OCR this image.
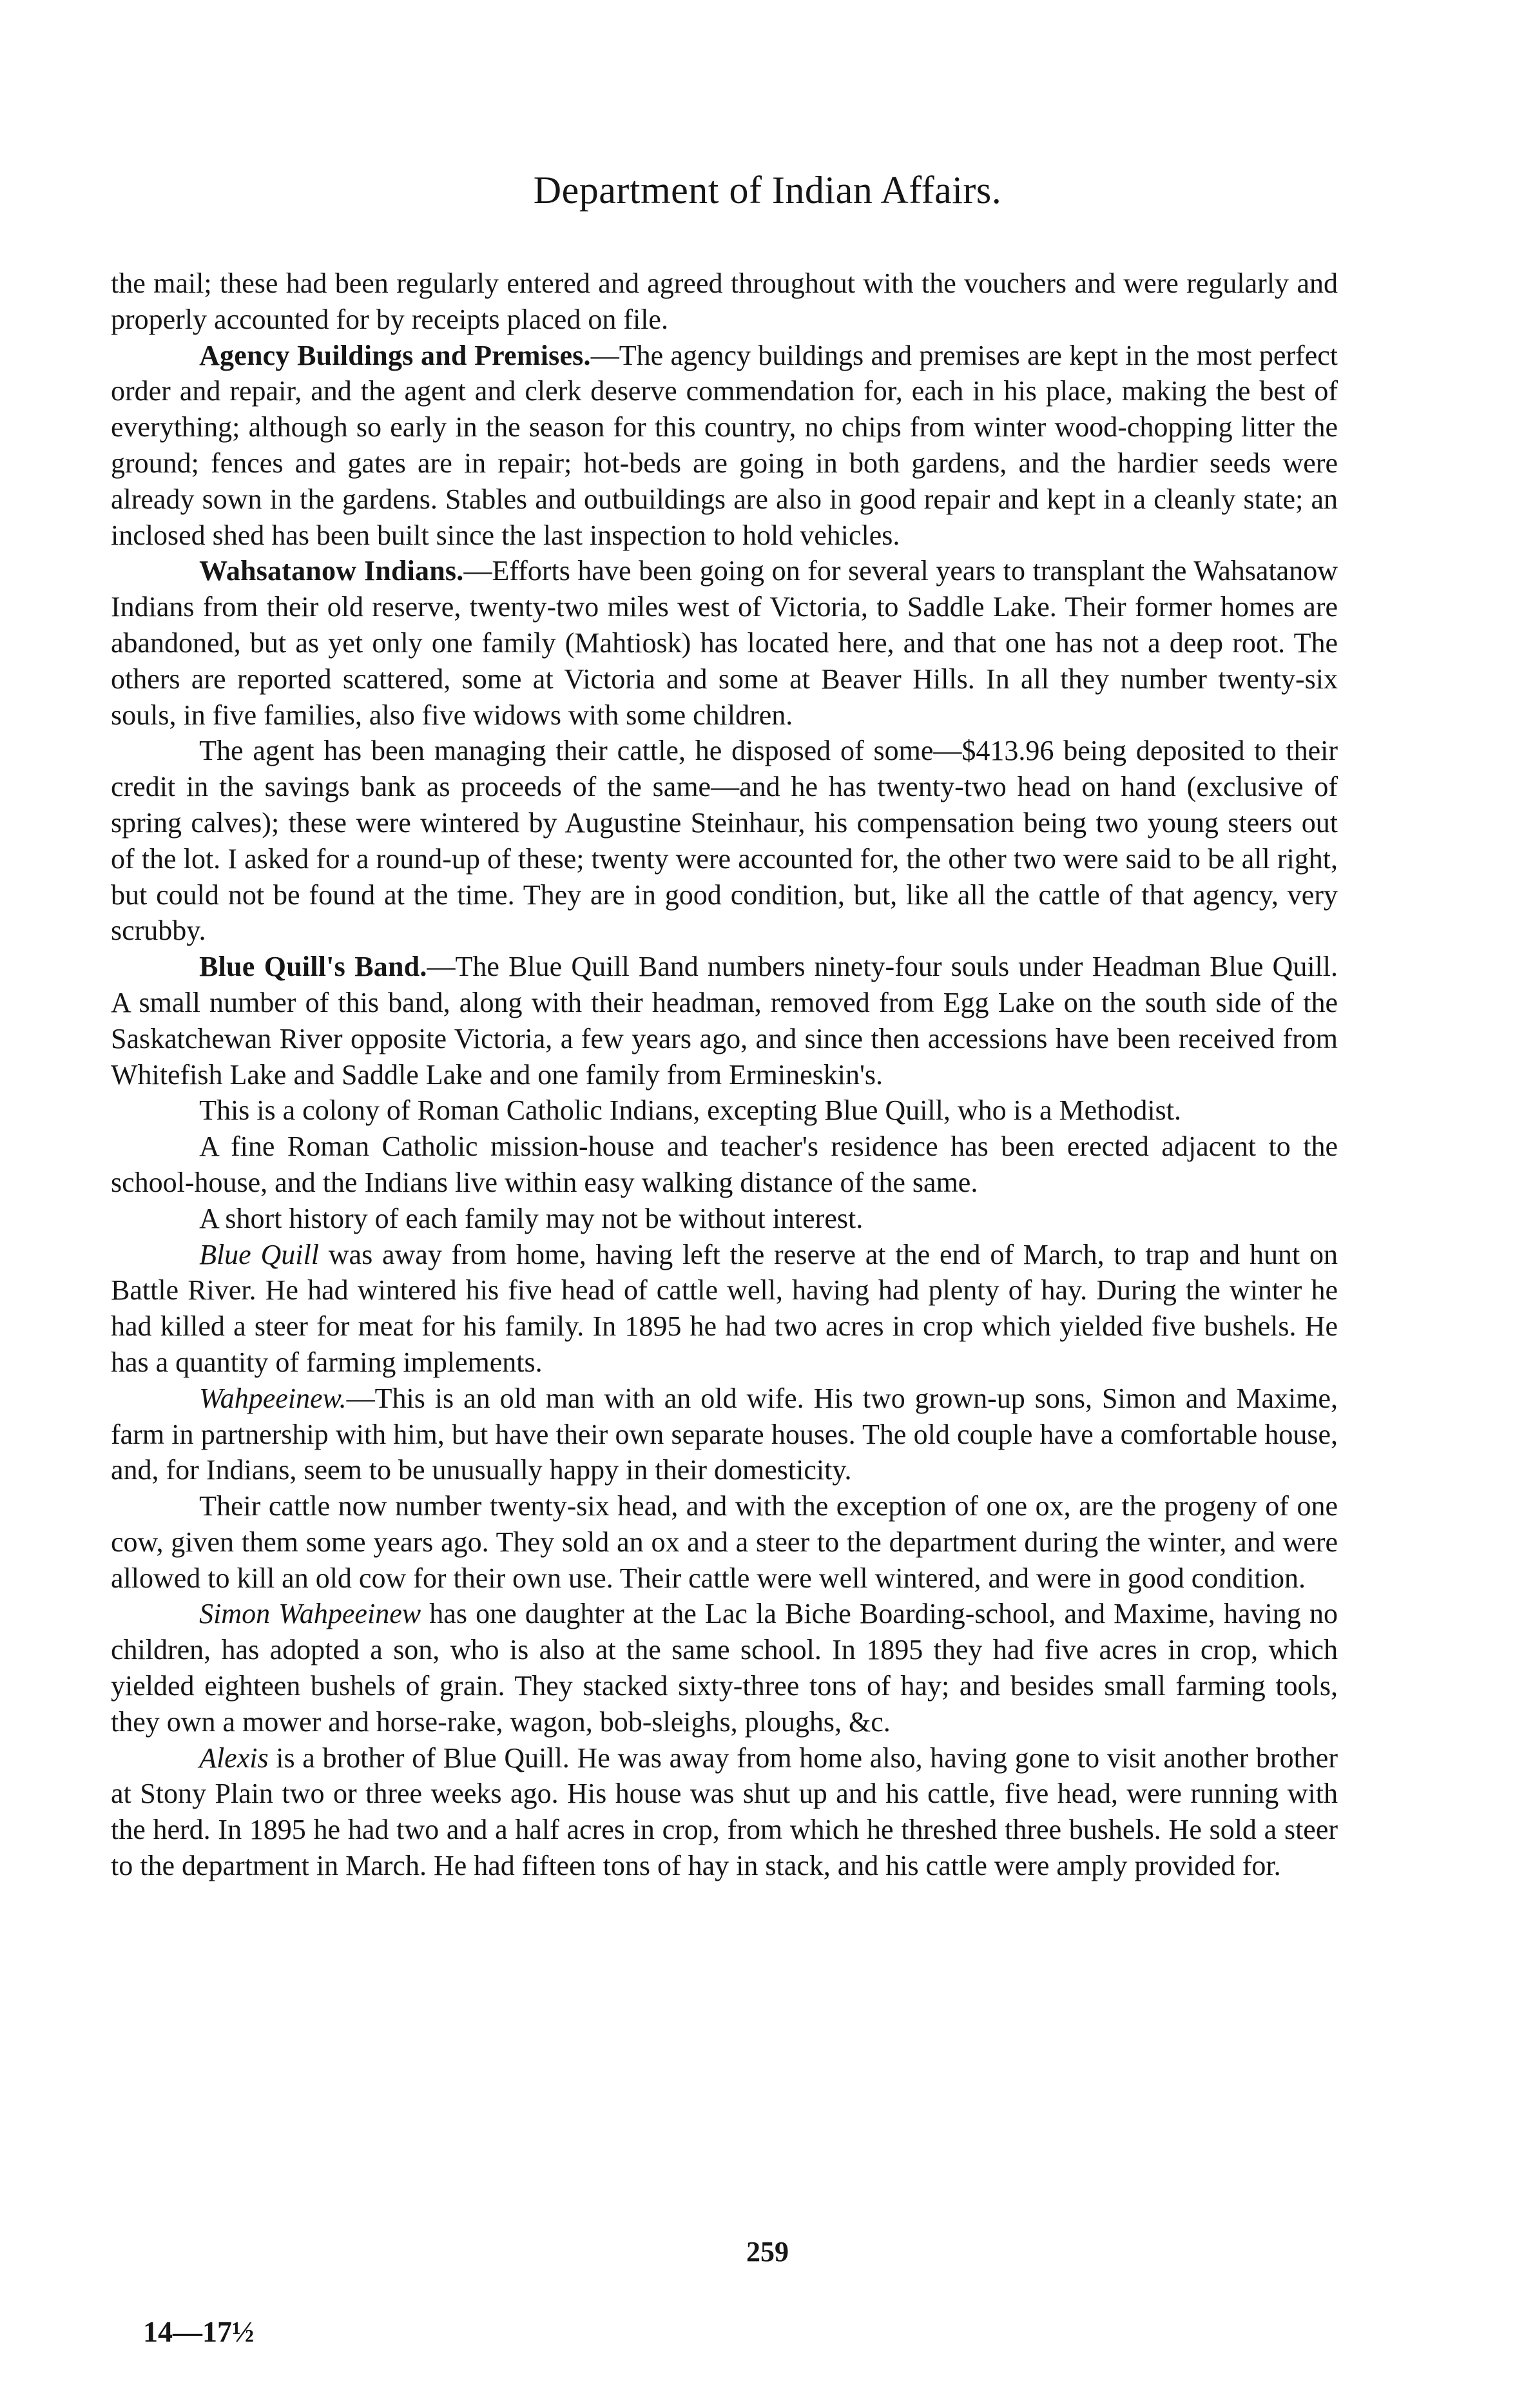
Department of Indian Affairs.

the mail; these had been regularly entered and agreed throughout with the vouchers and were regularly and properly accounted for by receipts placed on file.

Agency Buildings and Premises.—The agency buildings and premises are kept in the most perfect order and repair, and the agent and clerk deserve commendation for, each in his place, making the best of everything; although so early in the season for this country, no chips from winter wood-chopping litter the ground; fences and gates are in repair; hot-beds are going in both gardens, and the hardier seeds were already sown in the gardens. Stables and outbuildings are also in good repair and kept in a cleanly state; an inclosed shed has been built since the last inspection to hold vehicles.

Wahsatanow Indians.—Efforts have been going on for several years to transplant the Wahsatanow Indians from their old reserve, twenty-two miles west of Victoria, to Saddle Lake. Their former homes are abandoned, but as yet only one family (Mahtiosk) has located here, and that one has not a deep root. The others are reported scattered, some at Victoria and some at Beaver Hills. In all they number twenty-six souls, in five families, also five widows with some children.

The agent has been managing their cattle, he disposed of some—$413.96 being deposited to their credit in the savings bank as proceeds of the same—and he has twenty-two head on hand (exclusive of spring calves); these were wintered by Augustine Steinhaur, his compensation being two young steers out of the lot. I asked for a round-up of these; twenty were accounted for, the other two were said to be all right, but could not be found at the time. They are in good condition, but, like all the cattle of that agency, very scrubby.

Blue Quill's Band.—The Blue Quill Band numbers ninety-four souls under Headman Blue Quill. A small number of this band, along with their headman, removed from Egg Lake on the south side of the Saskatchewan River opposite Victoria, a few years ago, and since then accessions have been received from Whitefish Lake and Saddle Lake and one family from Ermineskin's.

This is a colony of Roman Catholic Indians, excepting Blue Quill, who is a Methodist.

A fine Roman Catholic mission-house and teacher's residence has been erected adjacent to the school-house, and the Indians live within easy walking distance of the same.

A short history of each family may not be without interest.

Blue Quill was away from home, having left the reserve at the end of March, to trap and hunt on Battle River. He had wintered his five head of cattle well, having had plenty of hay. During the winter he had killed a steer for meat for his family. In 1895 he had two acres in crop which yielded five bushels. He has a quantity of farming implements.

Wahpeeinew.—This is an old man with an old wife. His two grown-up sons, Simon and Maxime, farm in partnership with him, but have their own separate houses. The old couple have a comfortable house, and, for Indians, seem to be unusually happy in their domesticity.

Their cattle now number twenty-six head, and with the exception of one ox, are the progeny of one cow, given them some years ago. They sold an ox and a steer to the department during the winter, and were allowed to kill an old cow for their own use. Their cattle were well wintered, and were in good condition.

Simon Wahpeeinew has one daughter at the Lac la Biche Boarding-school, and Maxime, having no children, has adopted a son, who is also at the same school. In 1895 they had five acres in crop, which yielded eighteen bushels of grain. They stacked sixty-three tons of hay; and besides small farming tools, they own a mower and horse-rake, wagon, bob-sleighs, ploughs, &c.

Alexis is a brother of Blue Quill. He was away from home also, having gone to visit another brother at Stony Plain two or three weeks ago. His house was shut up and his cattle, five head, were running with the herd. In 1895 he had two and a half acres in crop, from which he threshed three bushels. He sold a steer to the department in March. He had fifteen tons of hay in stack, and his cattle were amply provided for.

259
14—17½
